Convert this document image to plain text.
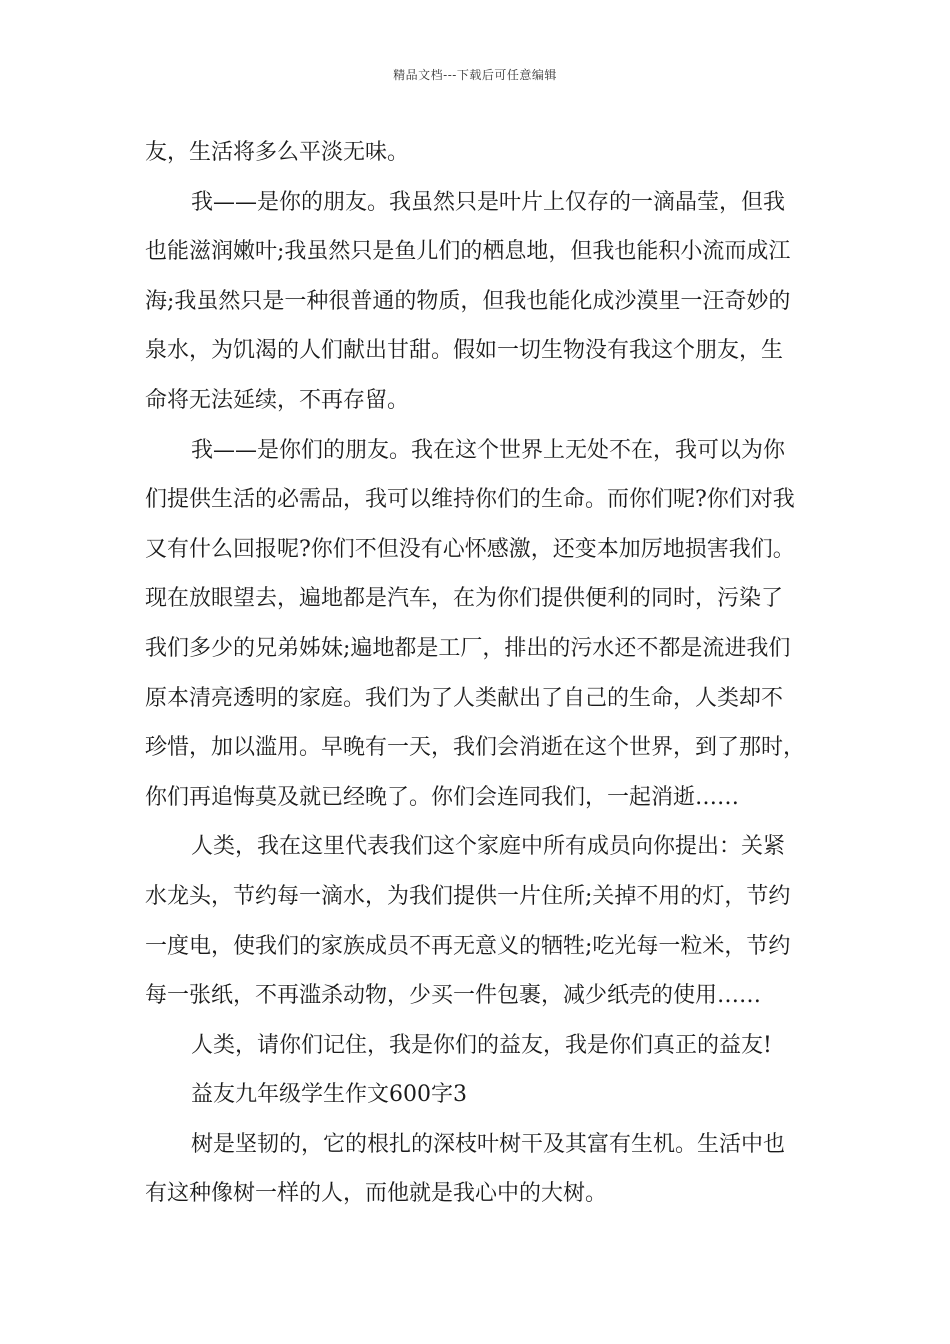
精品文档---下载后可任意编辑
友，生活将多么平淡无味。
我——是你的朋友。我虽然只是叶片上仅存的一滴晶莹，但我
也能滋润嫩叶;我虽然只是鱼儿们的栖息地，但我也能积小流而成江
海;我虽然只是一种很普通的物质，但我也能化成沙漠里一汪奇妙的
泉水，为饥渴的人们献出甘甜。假如一切生物没有我这个朋友，生
命将无法延续，不再存留。
我——是你们的朋友。我在这个世界上无处不在，我可以为你
们提供生活的必需品，我可以维持你们的生命。而你们呢?你们对我
又有什么回报呢?你们不但没有心怀感激，还变本加厉地损害我们。
现在放眼望去，遍地都是汽车，在为你们提供便利的同时，污染了
我们多少的兄弟姊妹;遍地都是工厂，排出的污水还不都是流进我们
原本清亮透明的家庭。我们为了人类献出了自己的生命，人类却不
珍惜，加以滥用。早晚有一天，我们会消逝在这个世界，到了那时，
你们再追悔莫及就已经晚了。你们会连同我们，一起消逝……
人类，我在这里代表我们这个家庭中所有成员向你提出：关紧
水龙头，节约每一滴水，为我们提供一片住所;关掉不用的灯，节约
一度电，使我们的家族成员不再无意义的牺牲;吃光每一粒米，节约
每一张纸，不再滥杀动物，少买一件包裹，减少纸壳的使用……
人类，请你们记住，我是你们的益友，我是你们真正的益友!
益友九年级学生作文600字3
树是坚韧的，它的根扎的深枝叶树干及其富有生机。生活中也
有这种像树一样的人，而他就是我心中的大树。
